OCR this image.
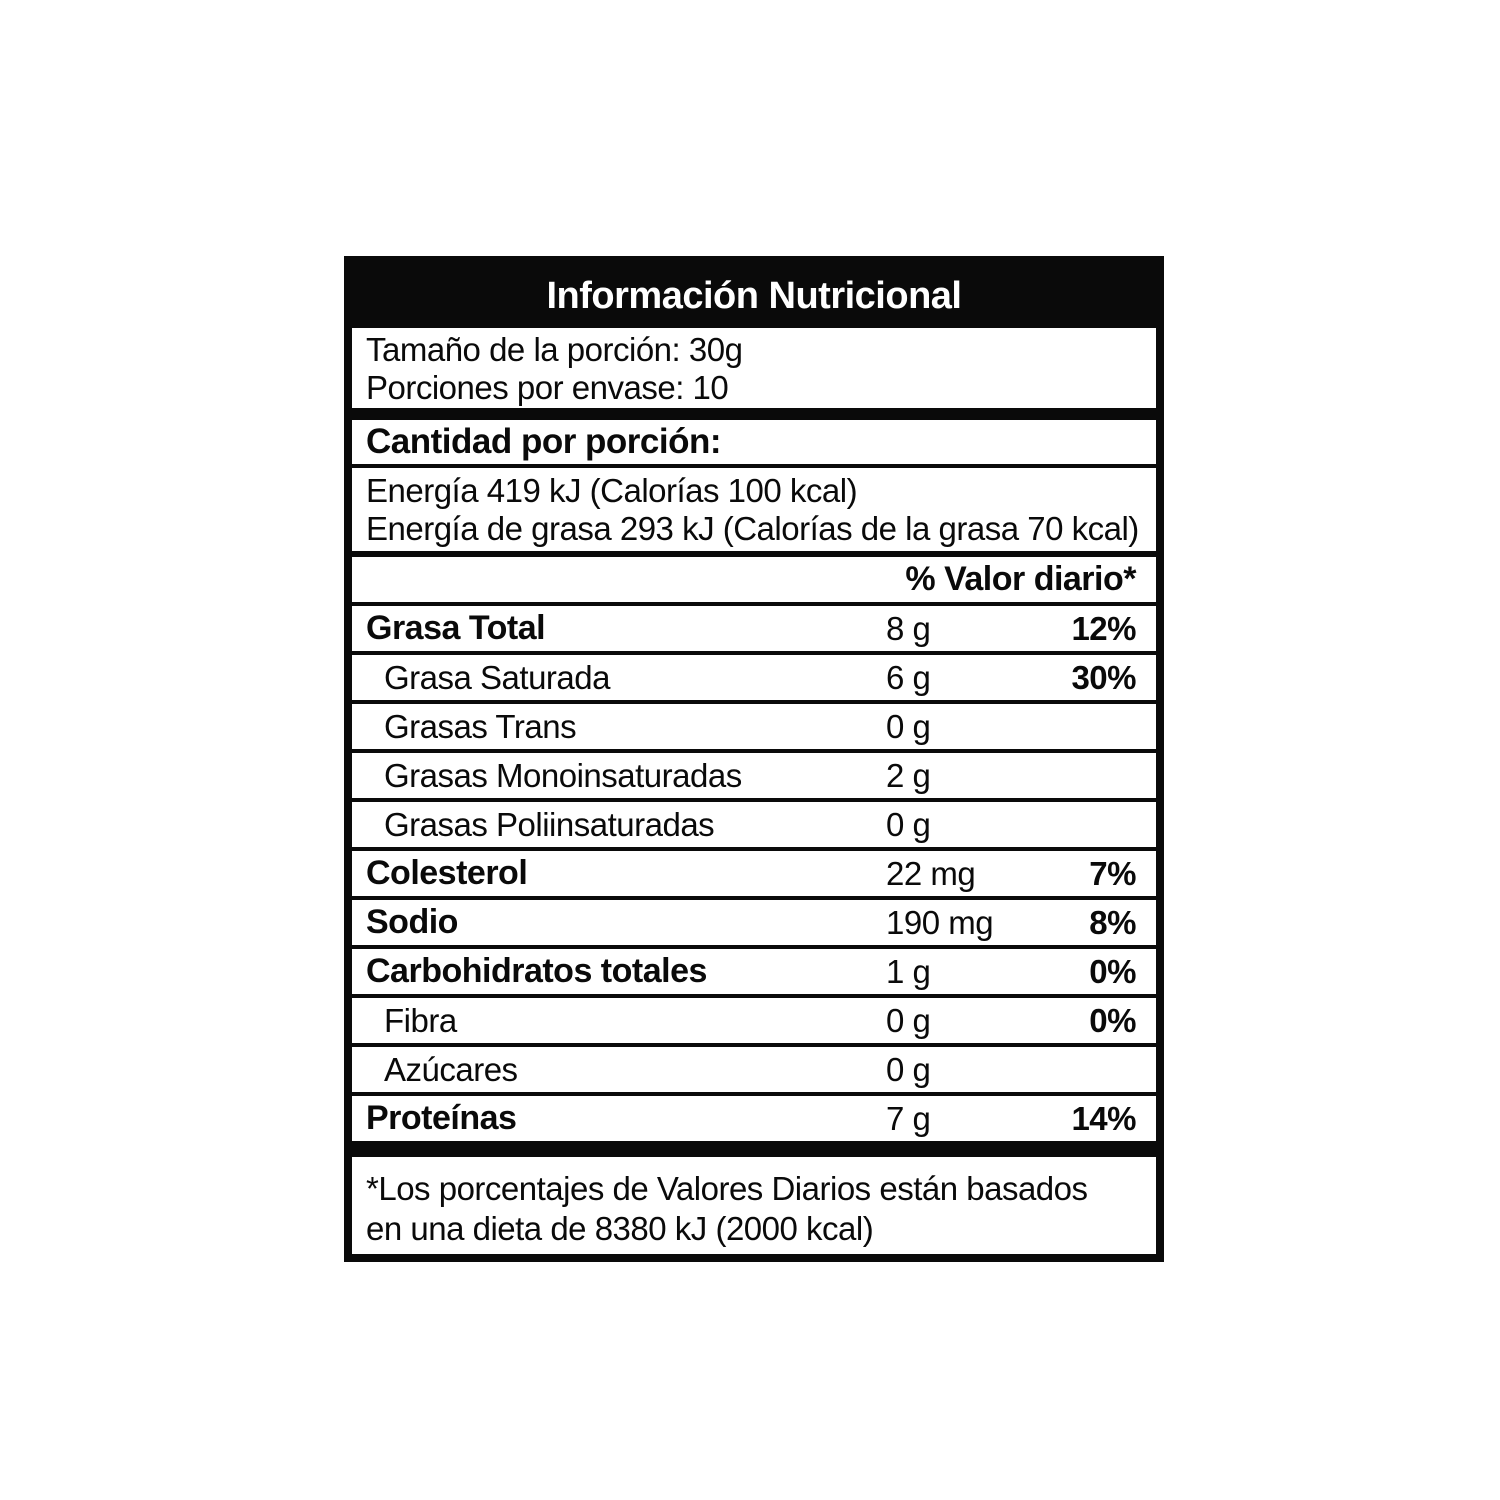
Información Nutricional
Tamaño de la porción: 30g
Porciones por envase: 10
Cantidad por porción:
Energía 419 kJ (Calorías 100 kcal)
Energía de grasa 293 kJ (Calorías de la grasa 70 kcal)
% Valor diario*
Grasa Total	8 g	12%
Grasa Saturada	6 g	30%
Grasas Trans	0 g
Grasas Monoinsaturadas	2 g
Grasas Poliinsaturadas	0 g
Colesterol	22 mg	7%
Sodio	190 mg	8%
Carbohidratos totales	1 g	0%
Fibra	0 g	0%
Azúcares	0 g
Proteínas	7 g	14%
*Los porcentajes de Valores Diarios están basados
en una dieta de 8380 kJ (2000 kcal)
